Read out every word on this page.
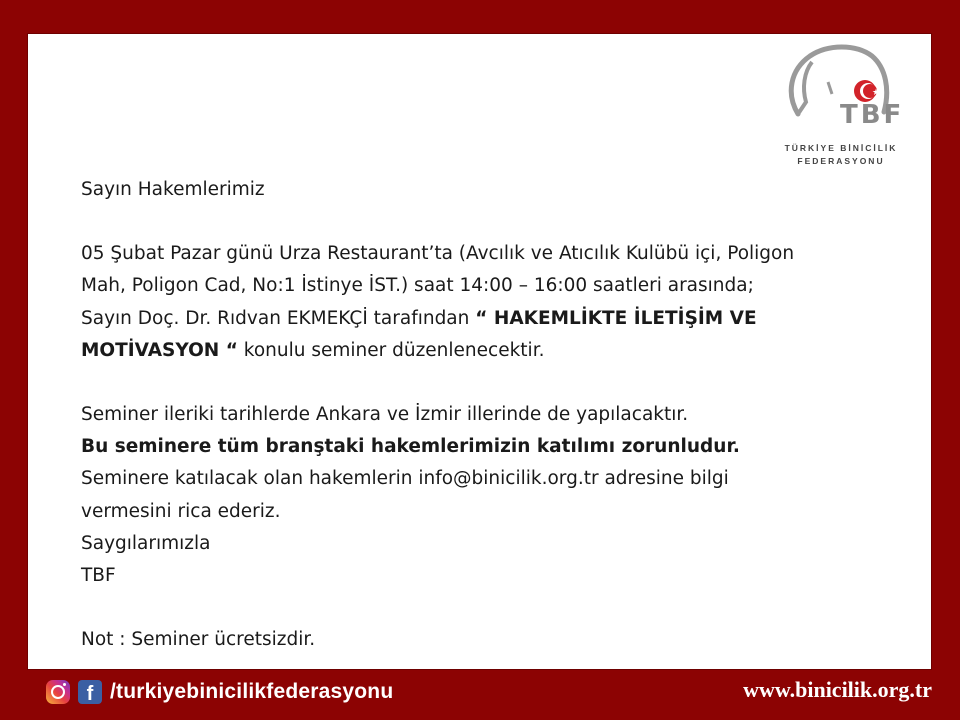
★
TBF
TÜRKİYE BİNİCİLİK
FEDERASYONU

Sayın Hakemlerimiz

05 Şubat Pazar günü Urza Restaurant’ta (Avcılık ve Atıcılık Kulübü içi, Poligon

Mah, Poligon Cad, No:1 İstinye İST.) saat 14:00 – 16:00 saatleri arasında;

Sayın Doç. Dr. Rıdvan EKMEKÇİ tarafından “ HAKEMLİKTE İLETİŞİM VE

MOTİVASYON “ konulu seminer düzenlenecektir.

Seminer ileriki tarihlerde Ankara ve İzmir illerinde de yapılacaktır.

Bu seminere tüm branştaki hakemlerimizin katılımı zorunludur.

Seminere katılacak olan hakemlerin info@binicilik.org.tr adresine bilgi

vermesini rica ederiz.

Saygılarımızla

TBF

Not : Seminer ücretsizdir.

f /turkiyebinicilikfederasyonu	www.binicilik.org.tr
